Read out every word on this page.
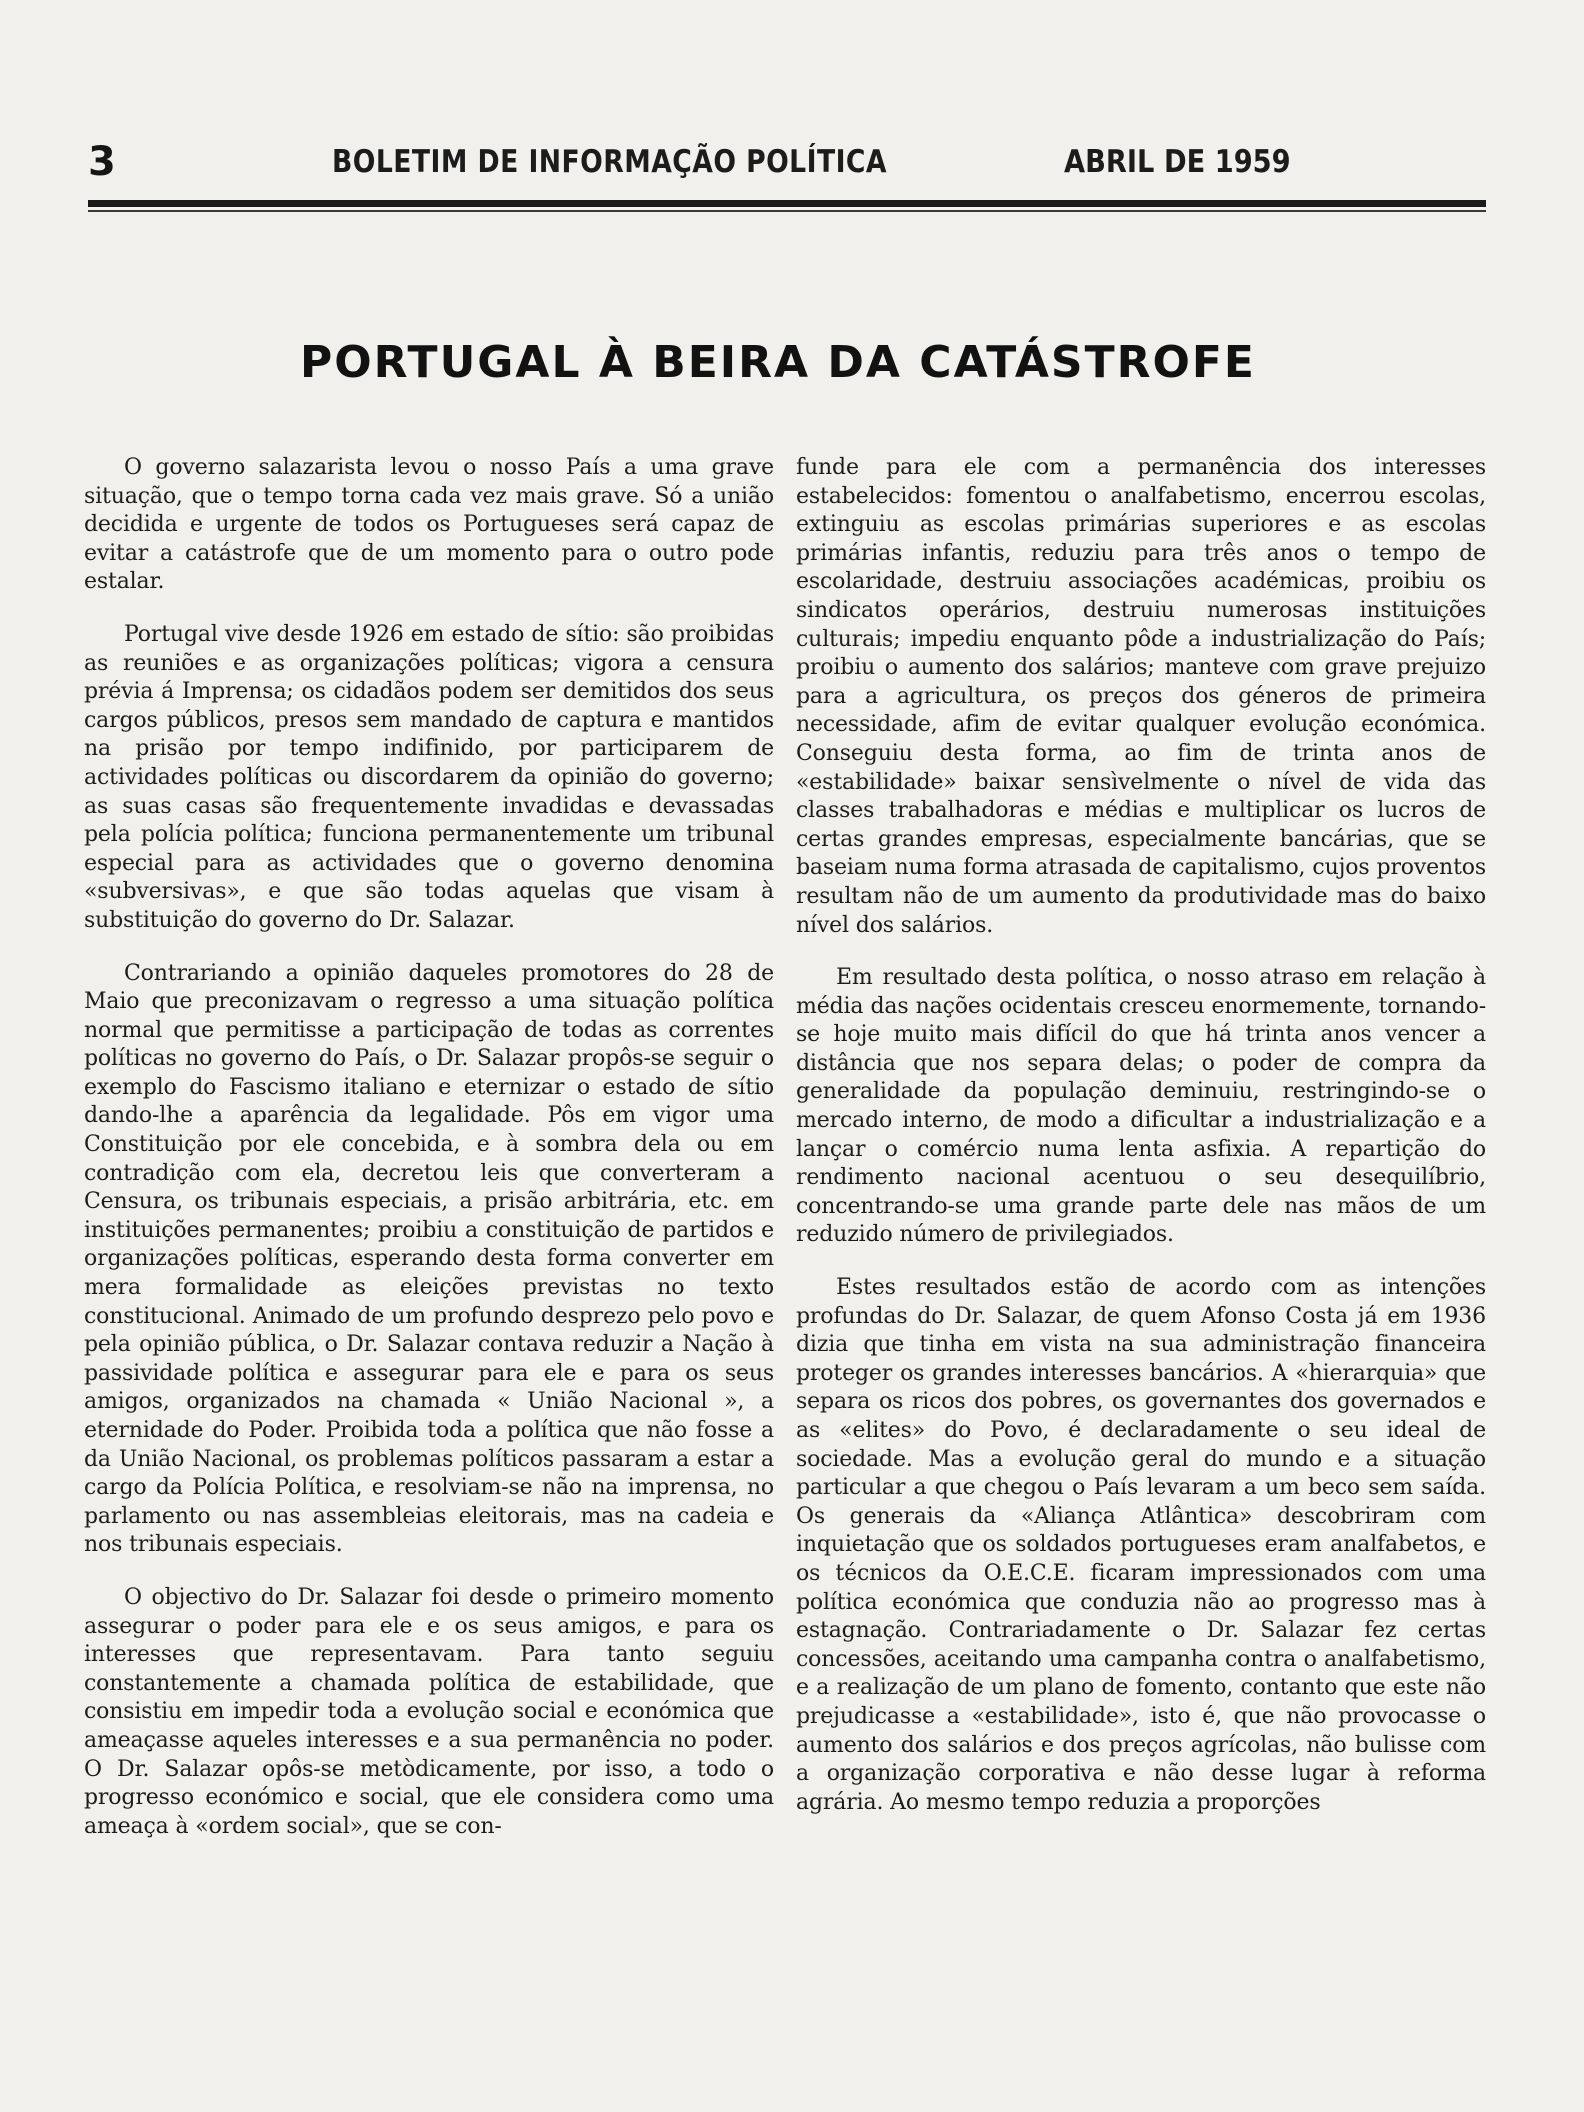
3	BOLETIM DE INFORMAÇÃO POLÍTICA	ABRIL DE 1959
PORTUGAL À BEIRA DA CATÁSTROFE

O governo salazarista levou o nosso País a uma grave situação, que o tempo torna cada vez mais grave. Só a união decidida e urgente de todos os Portugueses será capaz de evitar a catástrofe que de um momento para o outro pode estalar.

Portugal vive desde 1926 em estado de sítio: são proibidas as reuniões e as organizações políticas; vigora a censura prévia á Imprensa; os cidadãos podem ser demitidos dos seus cargos públicos, presos sem mandado de captura e mantidos na prisão por tempo indifinido, por participarem de actividades políticas ou discordarem da opinião do governo; as suas casas são frequentemente invadidas e devassadas pela polícia política; funciona permanentemente um tribunal especial para as actividades que o governo denomina «subversivas», e que são todas aquelas que visam à substituição do governo do Dr. Salazar.

Contrariando a opinião daqueles promotores do 28 de Maio que preconizavam o regresso a uma situação política normal que permitisse a participação de todas as correntes políticas no governo do País, o Dr. Salazar propôs-se seguir o exemplo do Fascismo italiano e eternizar o estado de sítio dando-lhe a aparência da legalidade. Pôs em vigor uma Constituição por ele concebida, e à sombra dela ou em contradição com ela, decretou leis que converteram a Censura, os tribunais especiais, a prisão arbitrária, etc. em instituições permanentes; proibiu a constituição de partidos e organizações políticas, esperando desta forma converter em mera formalidade as eleições previstas no texto constitucional. Animado de um profundo desprezo pelo povo e pela opinião pública, o Dr. Salazar contava reduzir a Nação à passividade política e assegurar para ele e para os seus amigos, organizados na chamada « União Nacional », a eternidade do Poder. Proibida toda a política que não fosse a da União Nacional, os problemas políticos passaram a estar a cargo da Polícia Política, e resolviam-se não na imprensa, no parlamento ou nas assembleias eleitorais, mas na cadeia e nos tribunais especiais.

O objectivo do Dr. Salazar foi desde o primeiro momento assegurar o poder para ele e os seus amigos, e para os interesses que representavam. Para tanto seguiu constantemente a chamada política de estabilidade, que consistiu em impedir toda a evolução social e económica que ameaçasse aqueles interesses e a sua permanência no poder. O Dr. Salazar opôs-se metòdicamente, por isso, a todo o progresso económico e social, que ele considera como uma ameaça à «ordem social», que se con-

funde para ele com a permanência dos interesses estabelecidos: fomentou o analfabetismo, encerrou escolas, extinguiu as escolas primárias superiores e as escolas primárias infantis, reduziu para três anos o tempo de escolaridade, destruiu associações académicas, proibiu os sindicatos operários, destruiu numerosas instituições culturais; impediu enquanto pôde a industrialização do País; proibiu o aumento dos salários; manteve com grave prejuizo para a agricultura, os preços dos géneros de primeira necessidade, afim de evitar qualquer evolução económica. Conseguiu desta forma, ao fim de trinta anos de «estabilidade» baixar sensìvelmente o nível de vida das classes trabalhadoras e médias e multiplicar os lucros de certas grandes empresas, especialmente bancárias, que se baseiam numa forma atrasada de capitalismo, cujos proventos resultam não de um aumento da produtividade mas do baixo nível dos salários.

Em resultado desta política, o nosso atraso em relação à média das nações ocidentais cresceu enormemente, tornando-se hoje muito mais difícil do que há trinta anos vencer a distância que nos separa delas; o poder de compra da generalidade da população deminuiu, restringindo-se o mercado interno, de modo a dificultar a industrialização e a lançar o comércio numa lenta asfixia. A repartição do rendimento nacional acentuou o seu desequilíbrio, concentrando-se uma grande parte dele nas mãos de um reduzido número de privilegiados.

Estes resultados estão de acordo com as intenções profundas do Dr. Salazar, de quem Afonso Costa já em 1936 dizia que tinha em vista na sua administração financeira proteger os grandes interesses bancários. A «hierarquia» que separa os ricos dos pobres, os governantes dos governados e as «elites» do Povo, é declaradamente o seu ideal de sociedade. Mas a evolução geral do mundo e a situação particular a que chegou o País levaram a um beco sem saída. Os generais da «Aliança Atlântica» descobriram com inquietação que os soldados portugueses eram analfabetos, e os técnicos da O.E.C.E. ficaram impressionados com uma política económica que conduzia não ao progresso mas à estagnação. Contrariadamente o Dr. Salazar fez certas concessões, aceitando uma campanha contra o analfabetismo, e a realização de um plano de fomento, contanto que este não prejudicasse a «estabilidade», isto é, que não provocasse o aumento dos salários e dos preços agrícolas, não bulisse com a organização corporativa e não desse lugar à reforma agrária. Ao mesmo tempo reduzia a proporções
